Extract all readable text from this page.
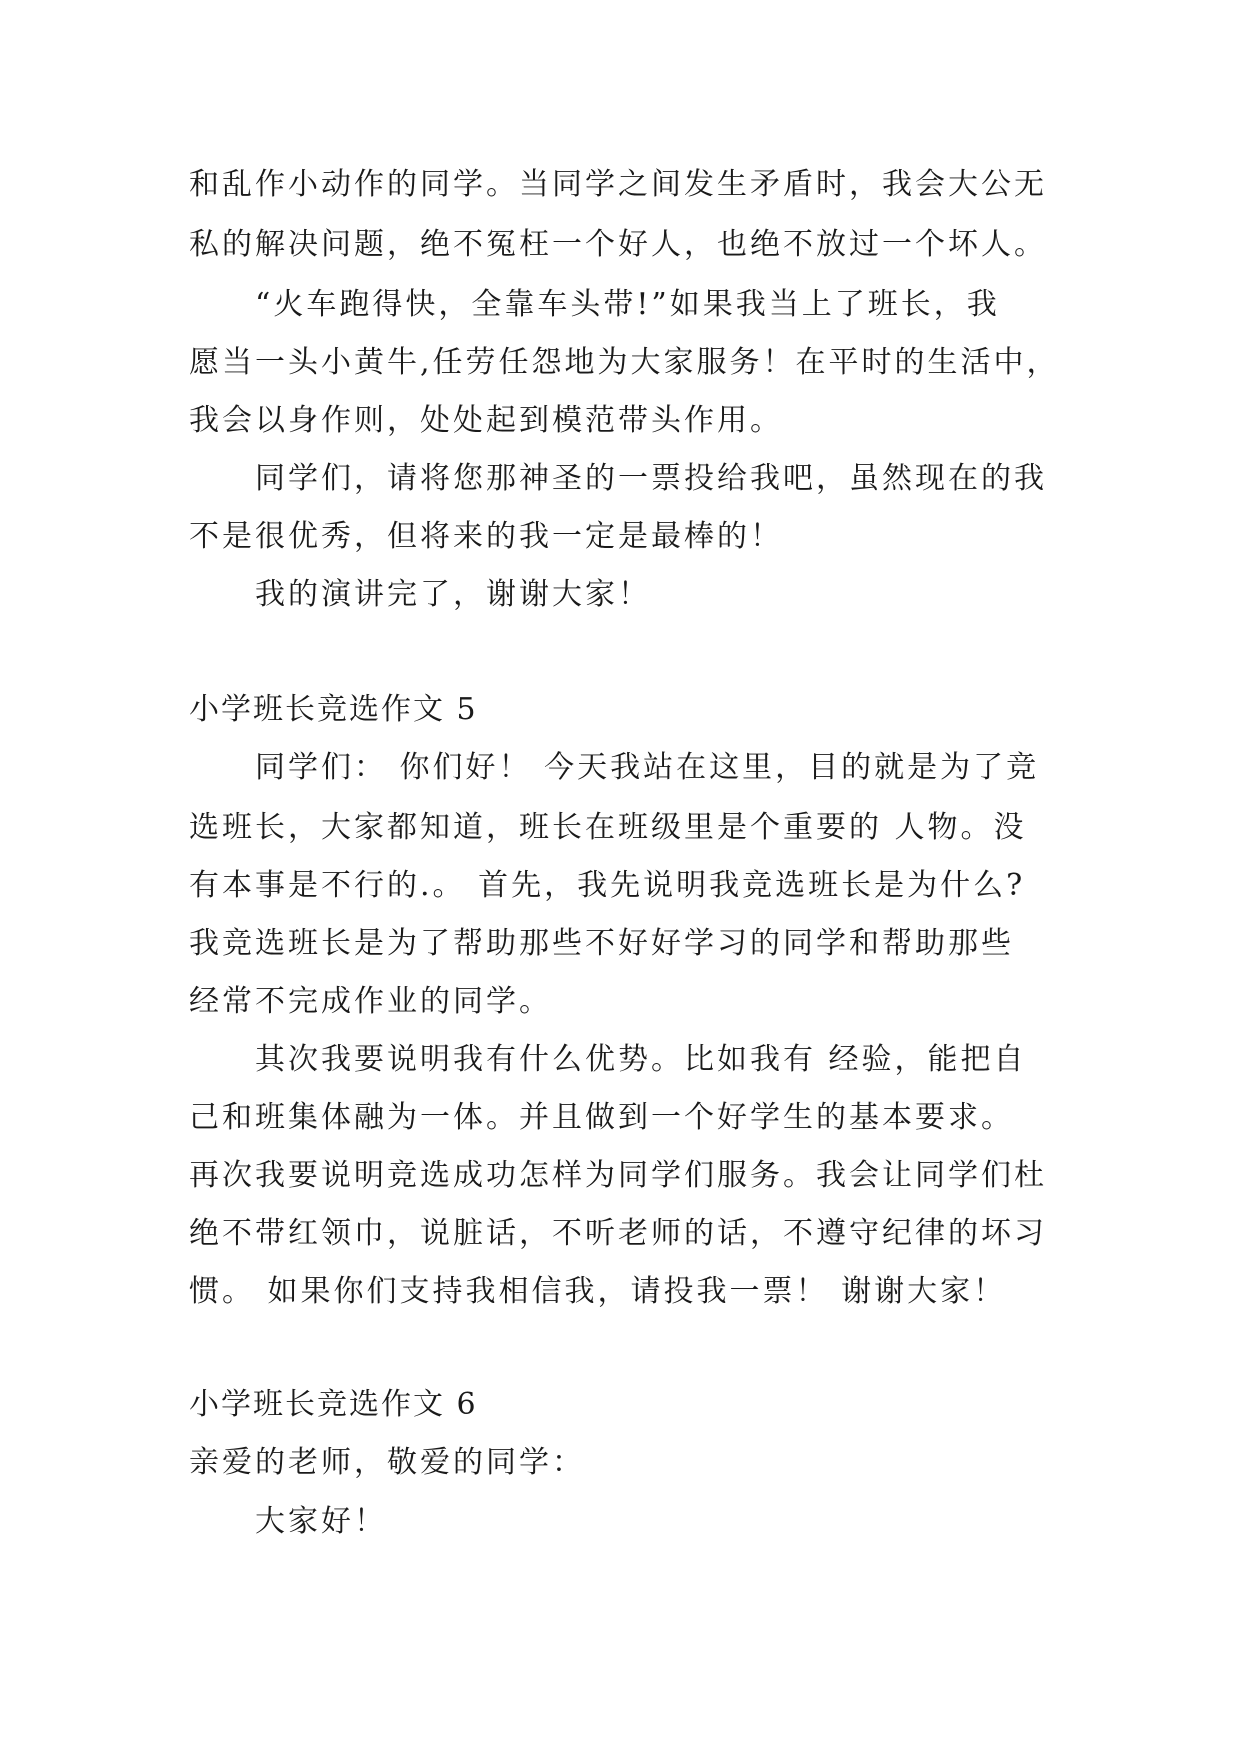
和乱作小动作的同学。当同学之间发生矛盾时，我会大公无
私的解决问题，绝不冤枉一个好人，也绝不放过一个坏人。
“火车跑得快，全靠车头带!”如果我当上了班长，我
愿当一头小黄牛,任劳任怨地为大家服务！在平时的生活中，
我会以身作则，处处起到模范带头作用。
同学们，请将您那神圣的一票投给我吧，虽然现在的我
不是很优秀，但将来的我一定是最棒的！
我的演讲完了，谢谢大家！
小学班长竞选作文 5
同学们： 你们好！ 今天我站在这里，目的就是为了竞
选班长，大家都知道，班长在班级里是个重要的 人物。没
有本事是不行的.。 首先，我先说明我竞选班长是为什么?
我竞选班长是为了帮助那些不好好学习的同学和帮助那些
经常不完成作业的同学。
其次我要说明我有什么优势。比如我有 经验，能把自
己和班集体融为一体。并且做到一个好学生的基本要求。
再次我要说明竞选成功怎样为同学们服务。我会让同学们杜
绝不带红领巾，说脏话，不听老师的话，不遵守纪律的坏习
惯。 如果你们支持我相信我，请投我一票！ 谢谢大家！
小学班长竞选作文 6
亲爱的老师，敬爱的同学：
大家好！
